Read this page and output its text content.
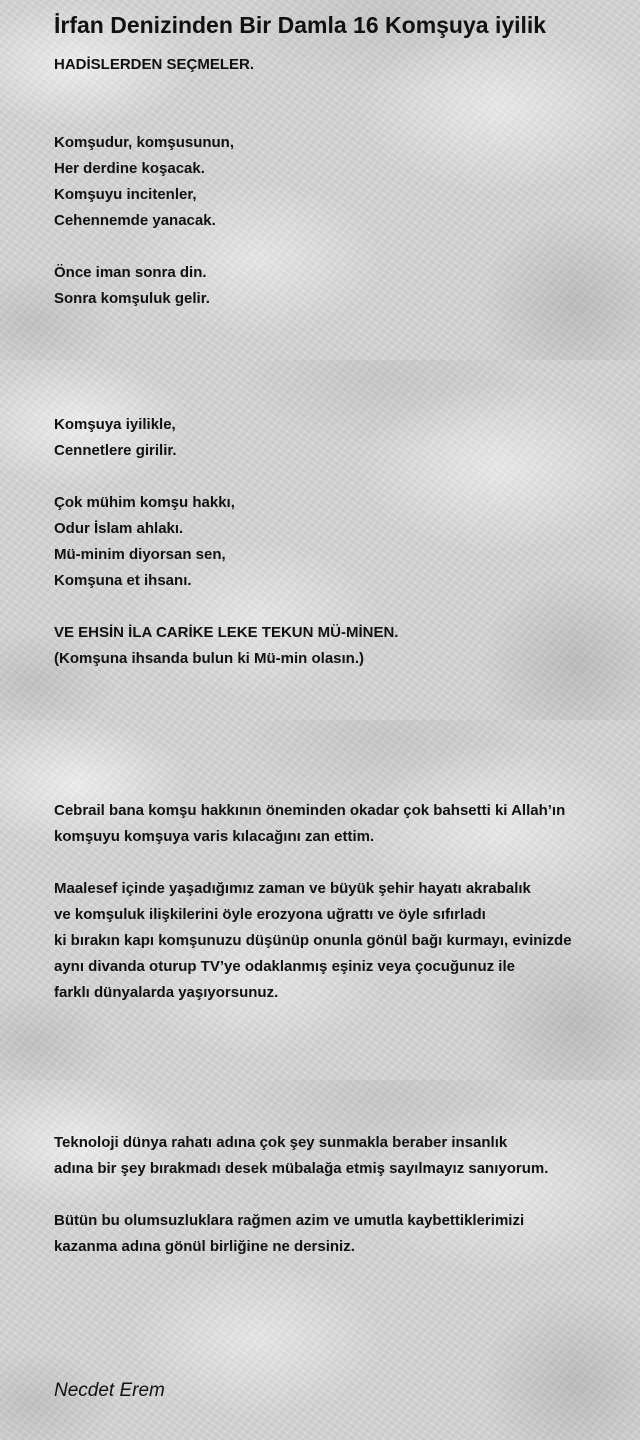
İrfan Denizinden Bir Damla 16 Komşuya iyilik

HADİSLERDEN SEÇMELER.

Komşudur, komşusunun,
Her derdine koşacak.
Komşuyu incitenler,
Cehennemde yanacak.
Önce iman sonra din.
Sonra komşuluk gelir.
Komşuya iyilikle,
Cennetlere girilir.
Çok mühim komşu hakkı,
Odur İslam ahlakı.
Mü-minim diyorsan sen,
Komşuna et ihsanı.
VE EHSİN İLA CARİKE LEKE TEKUN MÜ-MİNEN.
(Komşuna ihsanda bulun ki Mü-min olasın.)
Cebrail bana komşu hakkının öneminden okadar çok bahsetti ki Allah’ın
komşuyu komşuya varis kılacağını zan ettim.
Maalesef içinde yaşadığımız zaman ve büyük şehir hayatı akrabalık
ve komşuluk ilişkilerini öyle erozyona uğrattı ve öyle sıfırladı
ki bırakın kapı komşunuzu düşünüp onunla gönül bağı kurmayı, evinizde
aynı divanda oturup TV’ye odaklanmış eşiniz veya çocuğunuz ile
farklı dünyalarda yaşıyorsunuz.
Teknoloji dünya rahatı adına çok şey sunmakla beraber insanlık
adına bir şey bırakmadı desek mübalağa etmiş sayılmayız sanıyorum.
Bütün bu olumsuzluklara rağmen azim ve umutla kaybettiklerimizi
kazanma adına gönül birliğine ne dersiniz.

Necdet Erem
